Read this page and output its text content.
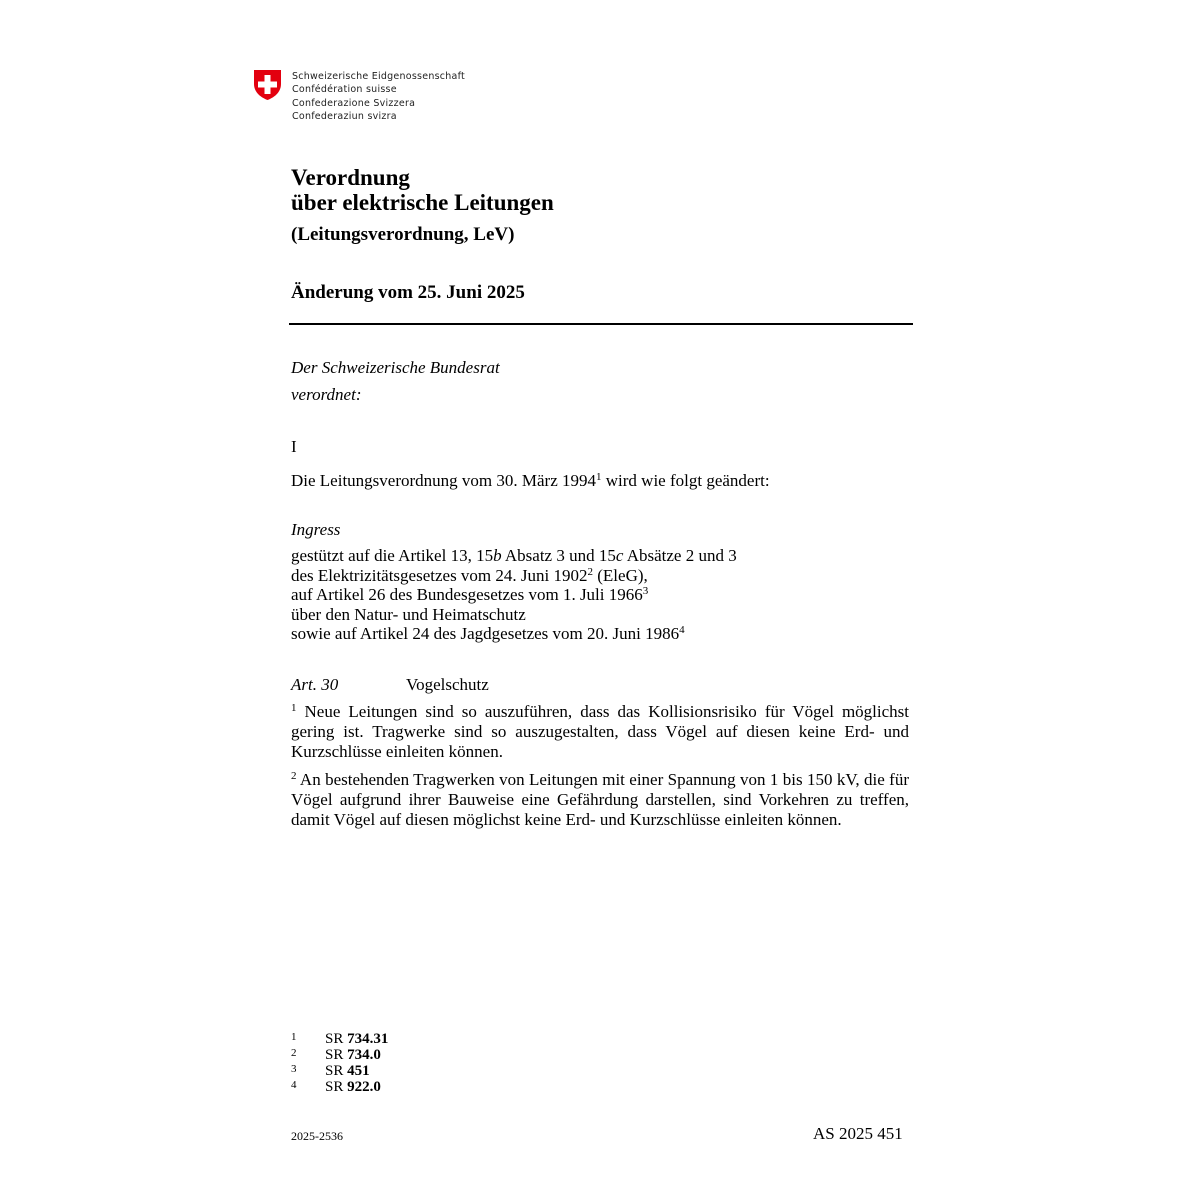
Schweizerische Eidgenossenschaft
Confédération suisse
Confederazione Svizzera
Confederaziun svizra
Verordnung
über elektrische Leitungen
(Leitungsverordnung, LeV)
Änderung vom 25. Juni 2025
Der Schweizerische Bundesrat
verordnet:
I
Die Leitungsverordnung vom 30. März 1994$^1$ wird wie folgt geändert:
Ingress
gestützt auf die Artikel 13, 15b Absatz 3 und 15c Absätze 2 und 3
des Elektrizitätsgesetzes vom 24. Juni 1902$^2$ (EleG),
auf Artikel 26 des Bundesgesetzes vom 1. Juli 1966$^3$
über den Natur- und Heimatschutz
sowie auf Artikel 24 des Jagdgesetzes vom 20. Juni 1986$^4$
Art. 30	Vogelschutz
$^1$ Neue Leitungen sind so auszuführen, dass das Kollisionsrisiko für Vögel möglichst gering ist. Tragwerke sind so auszugestalten, dass Vögel auf diesen keine Erd- und Kurzschlüsse einleiten können.
$^2$ An bestehenden Tragwerken von Leitungen mit einer Spannung von 1 bis 150 kV, die für Vögel aufgrund ihrer Bauweise eine Gefährdung darstellen, sind Vorkehren zu treffen, damit Vögel auf diesen möglichst keine Erd- und Kurzschlüsse einleiten können.
1	SR 734.31
2	SR 734.0
3	SR 451
4	SR 922.0
2025-2536	AS 2025 451
